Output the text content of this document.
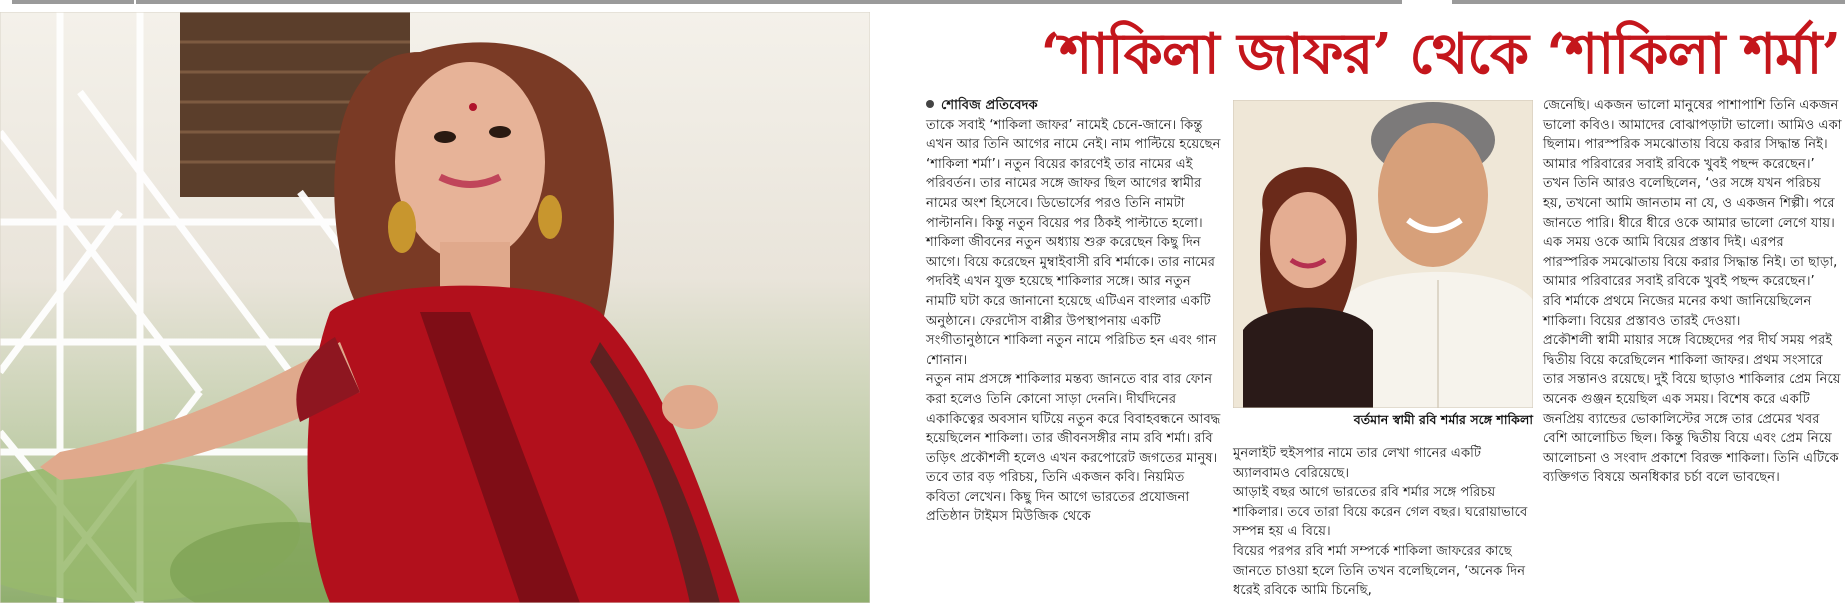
‘শাকিলা জাফর’ থেকে ‘শাকিলা শর্মা’

শোবিজ প্রতিবেদক

তাকে সবাই ‘শাকিলা জাফর’ নামেই চেনে-জানে। কিন্তু এখন আর তিনি আগের নামে নেই। নাম পাল্টিয়ে হয়েছেন ‘শাকিলা শর্মা’। নতুন বিয়ের কারণেই তার নামের এই পরিবর্তন। তার নামের সঙ্গে জাফর ছিল আগের স্বামীর নামের অংশ হিসেবে। ডিভোর্সের পরও তিনি নামটা পাল্টাননি। কিন্তু নতুন বিয়ের পর ঠিকই পাল্টাতে হলো।

শাকিলা জীবনের নতুন অধ্যায় শুরু করেছেন কিছু দিন আগে। বিয়ে করেছেন মুম্বাইবাসী রবি শর্মাকে। তার নামের পদবিই এখন যুক্ত হয়েছে শাকিলার সঙ্গে। আর নতুন নামটি ঘটা করে জানানো হয়েছে এটিএন বাংলার একটি অনুষ্ঠানে। ফেরদৌস বাপ্পীর উপস্থাপনায় একটি সংগীতানুষ্ঠানে শাকিলা নতুন নামে পরিচিত হন এবং গান শোনান।

নতুন নাম প্রসঙ্গে শাকিলার মন্তব্য জানতে বার বার ফোন করা হলেও তিনি কোনো সাড়া দেননি। দীর্ঘদিনের একাকিত্বের অবসান ঘটিয়ে নতুন করে বিবাহবন্ধনে আবদ্ধ হয়েছিলেন শাকিলা। তার জীবনসঙ্গীর নাম রবি শর্মা। রবি তড়িৎ প্রকৌশলী হলেও এখন করপোরেট জগতের মানুষ। তবে তার বড় পরিচয়, তিনি একজন কবি। নিয়মিত কবিতা লেখেন। কিছু দিন আগে ভারতের প্রযোজনা প্রতিষ্ঠান টাইমস মিউজিক থেকে

বর্তমান স্বামী রবি শর্মার সঙ্গে শাকিলা

মুনলাইট হুইসপার নামে তার লেখা গানের একটি অ্যালবামও বেরিয়েছে।

আড়াই বছর আগে ভারতের রবি শর্মার সঙ্গে পরিচয় শাকিলার। তবে তারা বিয়ে করেন গেল বছর। ঘরোয়াভাবে সম্পন্ন হয় এ বিয়ে।

বিয়ের পরপর রবি শর্মা সম্পর্কে শাকিলা জাফরের কাছে জানতে চাওয়া হলে তিনি তখন বলেছিলেন, ‘অনেক দিন ধরেই রবিকে আমি চিনেছি,

জেনেছি। একজন ভালো মানুষের পাশাপাশি তিনি একজন ভালো কবিও। আমাদের বোঝাপড়াটা ভালো। আমিও একা ছিলাম। পারস্পরিক সমঝোতায় বিয়ে করার সিদ্ধান্ত নিই। আমার পরিবারের সবাই রবিকে খুবই পছন্দ করেছেন।’ তখন তিনি আরও বলেছিলেন, ‘ওর সঙ্গে যখন পরিচয় হয়, তখনো আমি জানতাম না যে, ও একজন শিল্পী। পরে জানতে পারি। ধীরে ধীরে ওকে আমার ভালো লেগে যায়। এক সময় ওকে আমি বিয়ের প্রস্তাব দিই। এরপর পারস্পরিক সমঝোতায় বিয়ে করার সিদ্ধান্ত নিই। তা ছাড়া, আমার পরিবারের সবাই রবিকে খুবই পছন্দ করেছেন।’

রবি শর্মাকে প্রথমে নিজের মনের কথা জানিয়েছিলেন শাকিলা। বিয়ের প্রস্তাবও তারই দেওয়া।

প্রকৌশলী স্বামী মায়ার সঙ্গে বিচ্ছেদের পর দীর্ঘ সময় পরই দ্বিতীয় বিয়ে করেছিলেন শাকিলা জাফর। প্রথম সংসারে তার সন্তানও রয়েছে। দুই বিয়ে ছাড়াও শাকিলার প্রেম নিয়ে অনেক গুঞ্জন হয়েছিল এক সময়। বিশেষ করে একটি জনপ্রিয় ব্যান্ডের ভোকালিস্টের সঙ্গে তার প্রেমের খবর বেশি আলোচিত ছিল। কিন্তু দ্বিতীয় বিয়ে এবং প্রেম নিয়ে আলোচনা ও সংবাদ প্রকাশে বিরক্ত শাকিলা। তিনি এটিকে ব্যক্তিগত বিষয়ে অনধিকার চর্চা বলে ভাবছেন।
